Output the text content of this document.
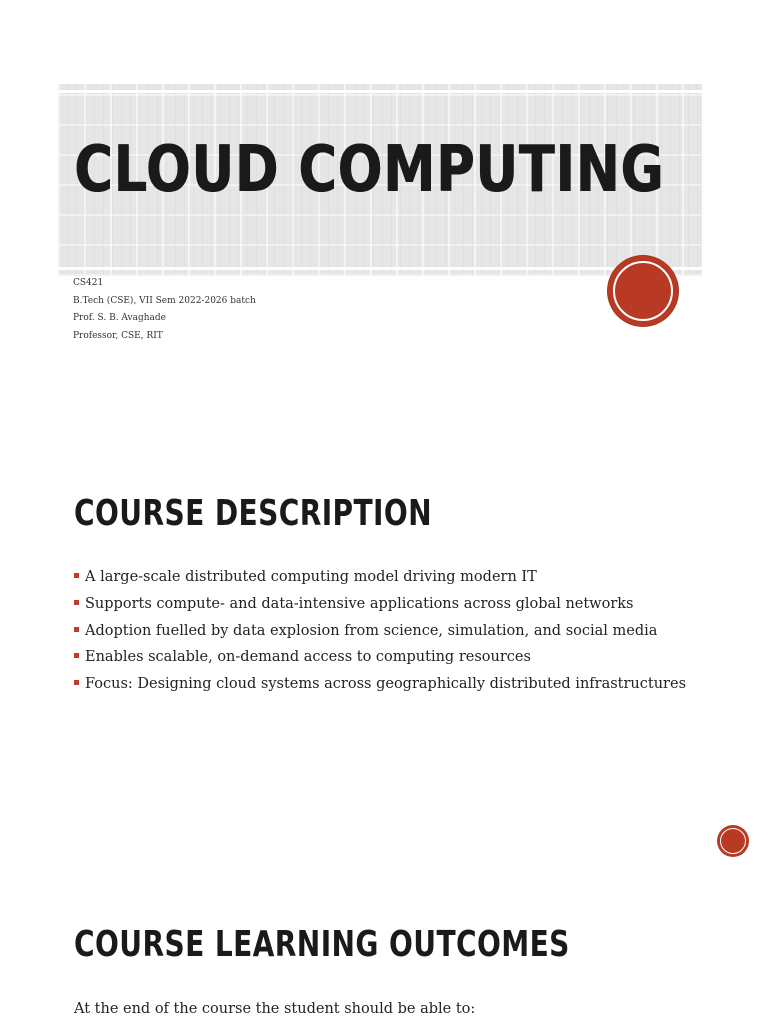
CLOUD COMPUTING
CS421
B.Tech (CSE), VII Sem 2022-2026 batch
Prof. S. B. Avaghade
Professor, CSE, RIT
COURSE DESCRIPTION
A large-scale distributed computing model driving modern IT
Supports compute- and data-intensive applications across global networks
Adoption fuelled by data explosion from science, simulation, and social media
Enables scalable, on-demand access to computing resources
Focus: Designing cloud systems across geographically distributed infrastructures
COURSE LEARNING OUTCOMES

At the end of the course the student should be able to:
